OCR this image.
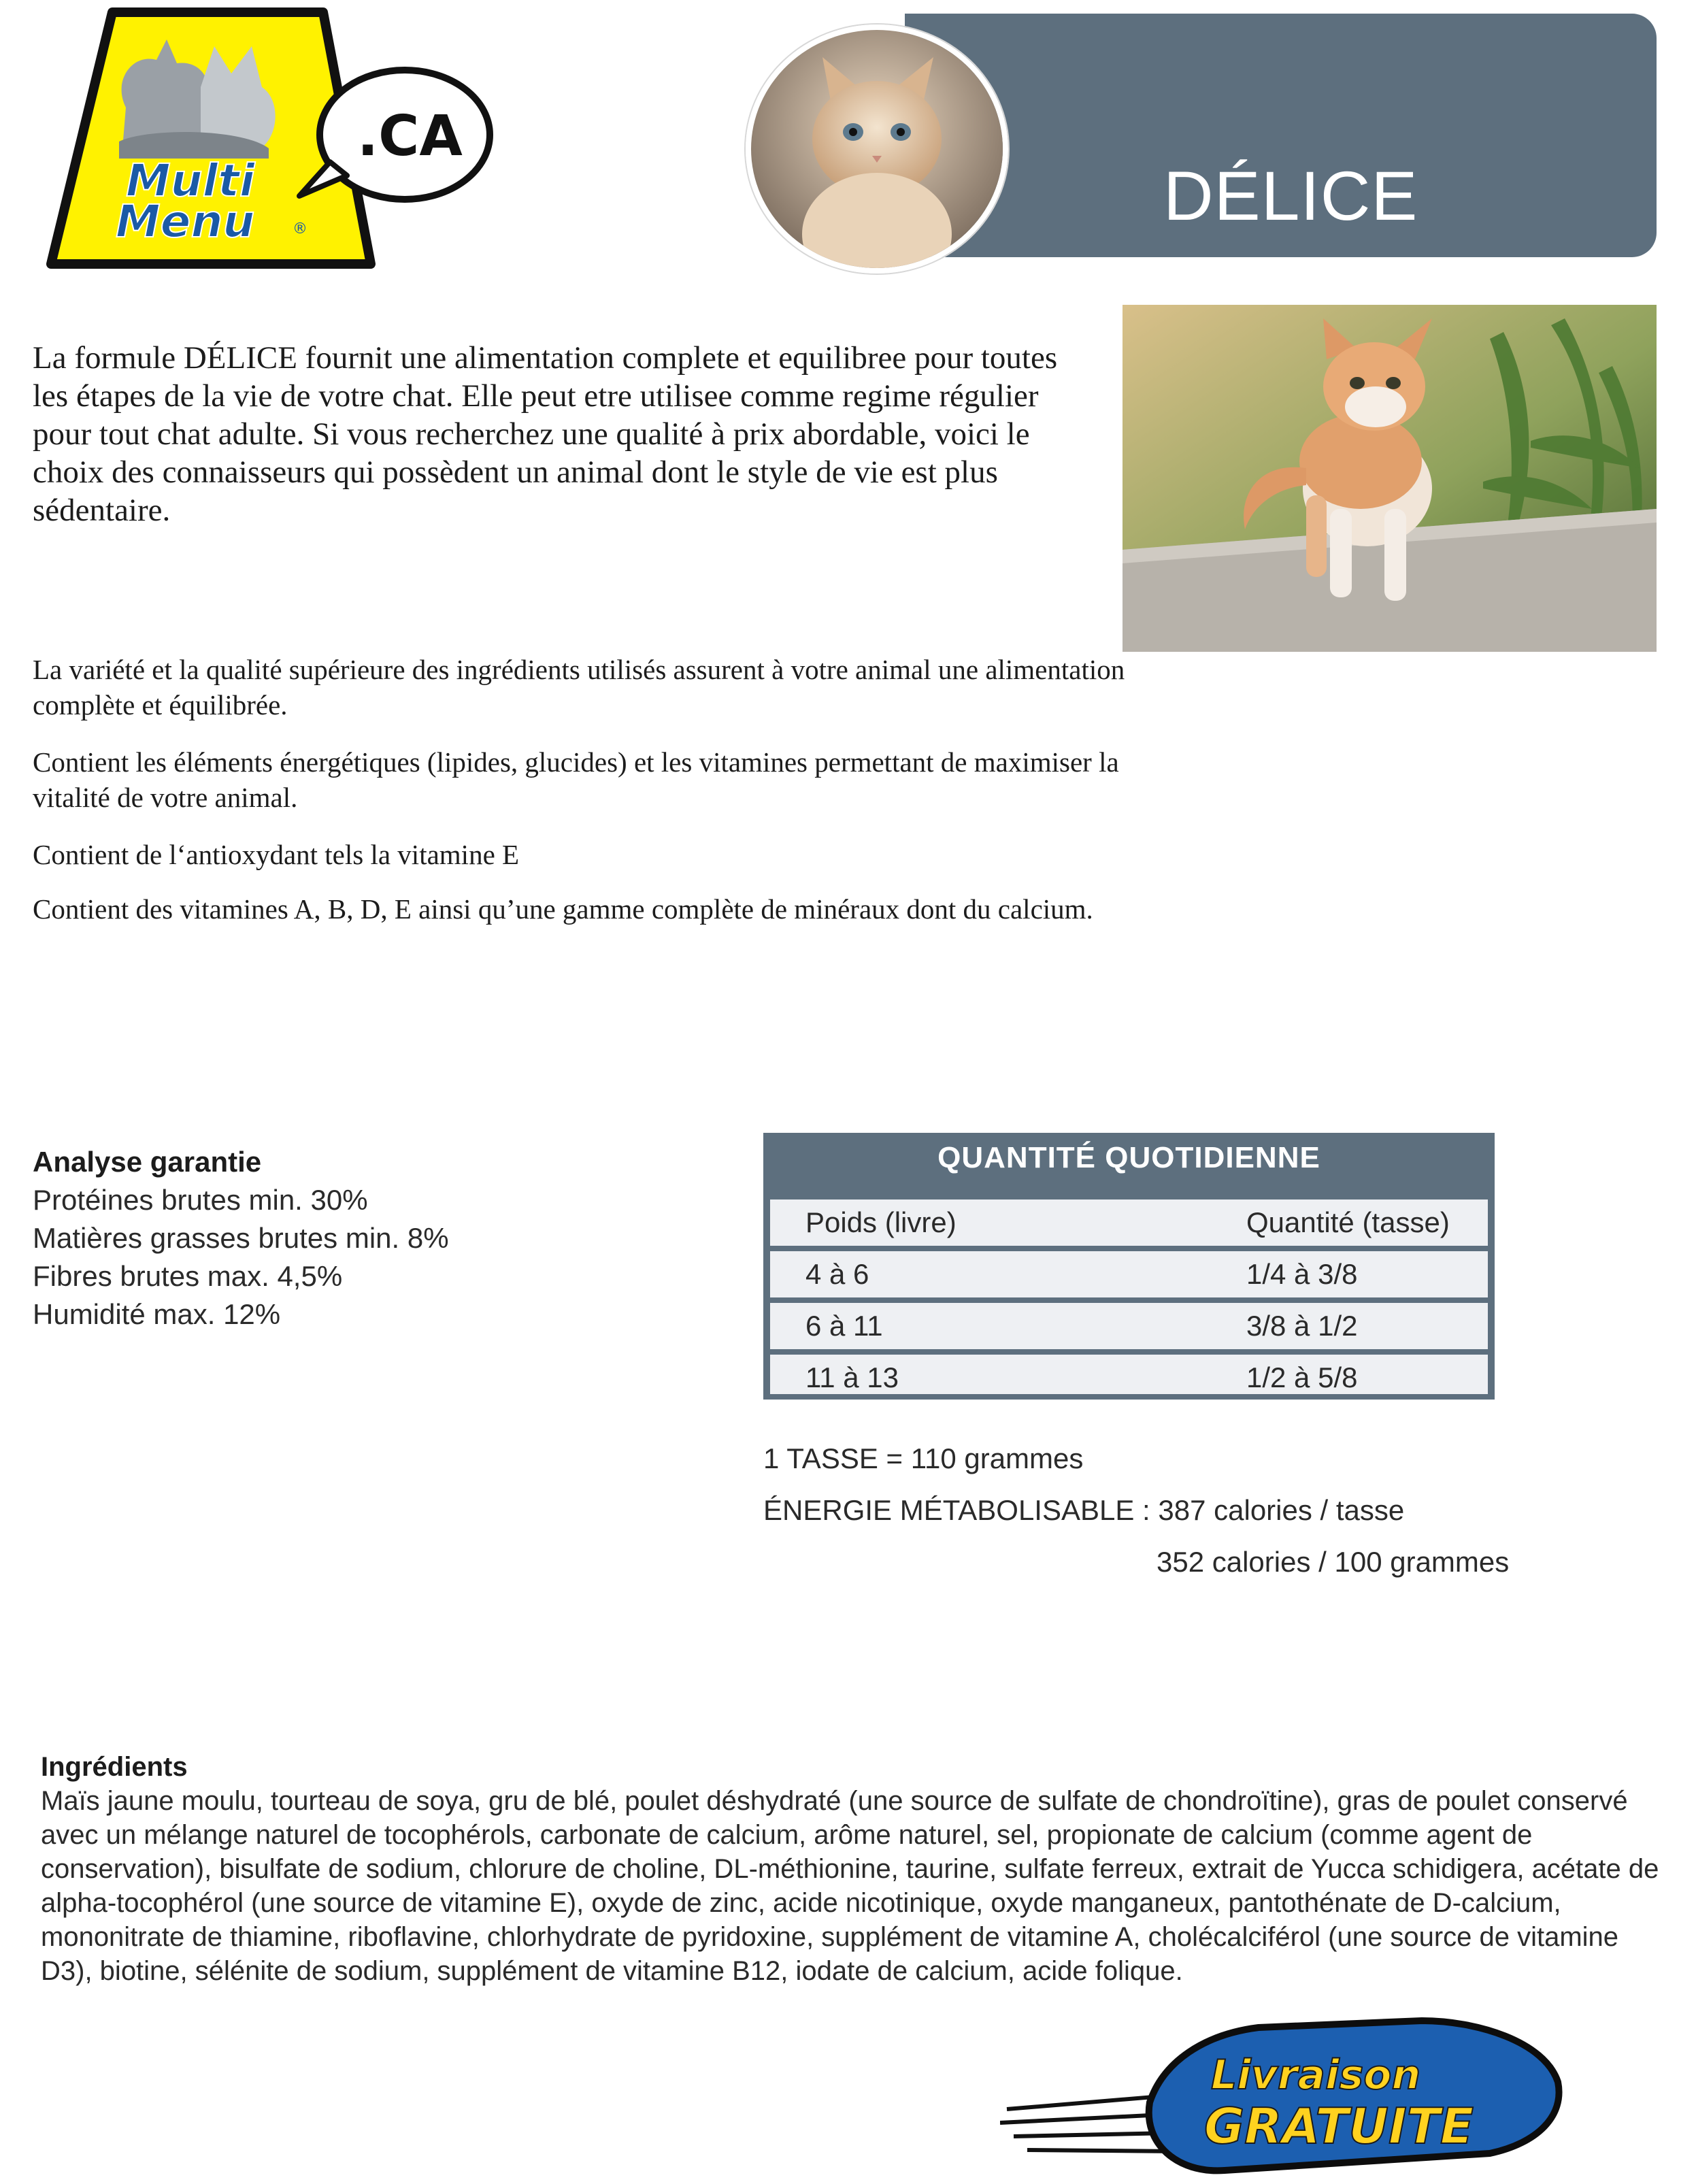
Multi
Menu	®
.CA
DÉLICE

La formule DÉLICE fournit une alimentation complete et equilibree pour toutes les étapes de la vie de votre chat. Elle peut etre utilisee comme regime régulier pour tout chat adulte. Si vous recherchez une qualité à prix abordable, voici le choix des connaisseurs qui possèdent un animal dont le style de vie est plus sédentaire.

La variété et la qualité supérieure des ingrédients utilisés assurent à votre animal une alimentation complète et équilibrée.

Contient les éléments énergétiques (lipides, glucides) et les vitamines permettant de maximiser la vitalité de votre animal.

Contient de l‘antioxydant tels la vitamine E

Contient des vitamines A, B, D, E ainsi qu’une gamme complète de minéraux dont du calcium.

Analyse garantie
Protéines brutes min. 30%
Matières grasses brutes min. 8%
Fibres brutes max. 4,5%
Humidité max. 12%
QUANTITÉ QUOTIDIENNE
Poids (livre)	Quantité (tasse)
4 à 6	1/4 à 3/8
6 à 11	3/8 à 1/2
11 à 13	1/2 à 5/8
1 TASSE = 110 grammes
ÉNERGIE MÉTABOLISABLE : 387 calories / tasse
352 calories / 100 grammes
Ingrédients
Maïs jaune moulu, tourteau de soya, gru de blé, poulet déshydraté (une source de sulfate de chondroïtine), gras de poulet conservé avec un mélange naturel de tocophérols, carbonate de calcium, arôme naturel, sel, propionate de calcium (comme agent de conservation), bisulfate de sodium, chlorure de choline, DL-méthionine, taurine, sulfate ferreux, extrait de Yucca schidigera, acétate de alpha-tocophérol (une source de vitamine E), oxyde de zinc, acide nicotinique, oxyde manganeux, pantothénate de D-calcium, mononitrate de thiamine, riboflavine, chlorhydrate de pyridoxine, supplément de vitamine A, cholécalciférol (une source de vitamine D3), biotine, sélénite de sodium, supplément de vitamine B12, iodate de calcium, acide folique.
Livraison
GRATUITE
